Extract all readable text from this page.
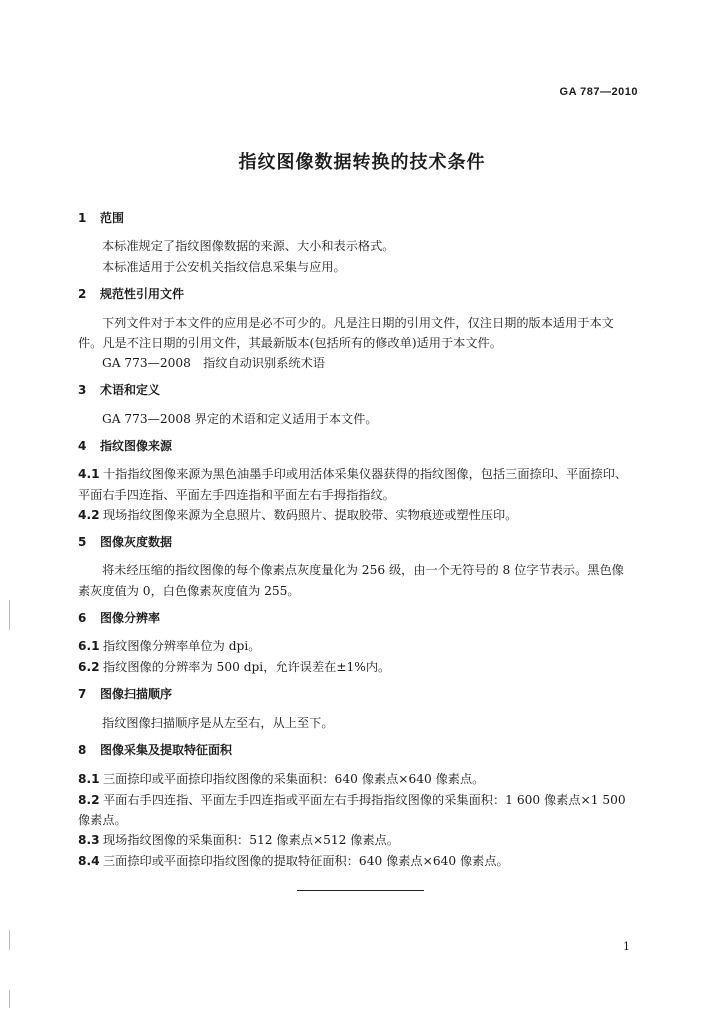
GA 787—2010
指纹图像数据转换的技术条件
1 范围
本标准规定了指纹图像数据的来源、大小和表示格式。
本标准适用于公安机关指纹信息采集与应用。
2 规范性引用文件
下列文件对于本文件的应用是必不可少的。凡是注日期的引用文件，仅注日期的版本适用于本文
件。凡是不注日期的引用文件，其最新版本(包括所有的修改单)适用于本文件。
GA 773—2008　指纹自动识别系统术语
3 术语和定义
GA 773—2008 界定的术语和定义适用于本文件。
4 指纹图像来源
4.1 十指指纹图像来源为黑色油墨手印或用活体采集仪器获得的指纹图像，包括三面捺印、平面捺印、
平面右手四连指、平面左手四连指和平面左右手拇指指纹。
4.2 现场指纹图像来源为全息照片、数码照片、提取胶带、实物痕迹或塑性压印。
5 图像灰度数据
将未经压缩的指纹图像的每个像素点灰度量化为 256 级，由一个无符号的 8 位字节表示。黑色像
素灰度值为 0，白色像素灰度值为 255。
6 图像分辨率
6.1 指纹图像分辨率单位为 dpi。
6.2 指纹图像的分辨率为 500 dpi，允许误差在±1%内。
7 图像扫描顺序
指纹图像扫描顺序是从左至右，从上至下。
8 图像采集及提取特征面积
8.1 三面捺印或平面捺印指纹图像的采集面积：640 像素点×640 像素点。
8.2 平面右手四连指、平面左手四连指或平面左右手拇指指纹图像的采集面积：1 600 像素点×1 500
像素点。
8.3 现场指纹图像的采集面积：512 像素点×512 像素点。
8.4 三面捺印或平面捺印指纹图像的提取特征面积：640 像素点×640 像素点。
1
